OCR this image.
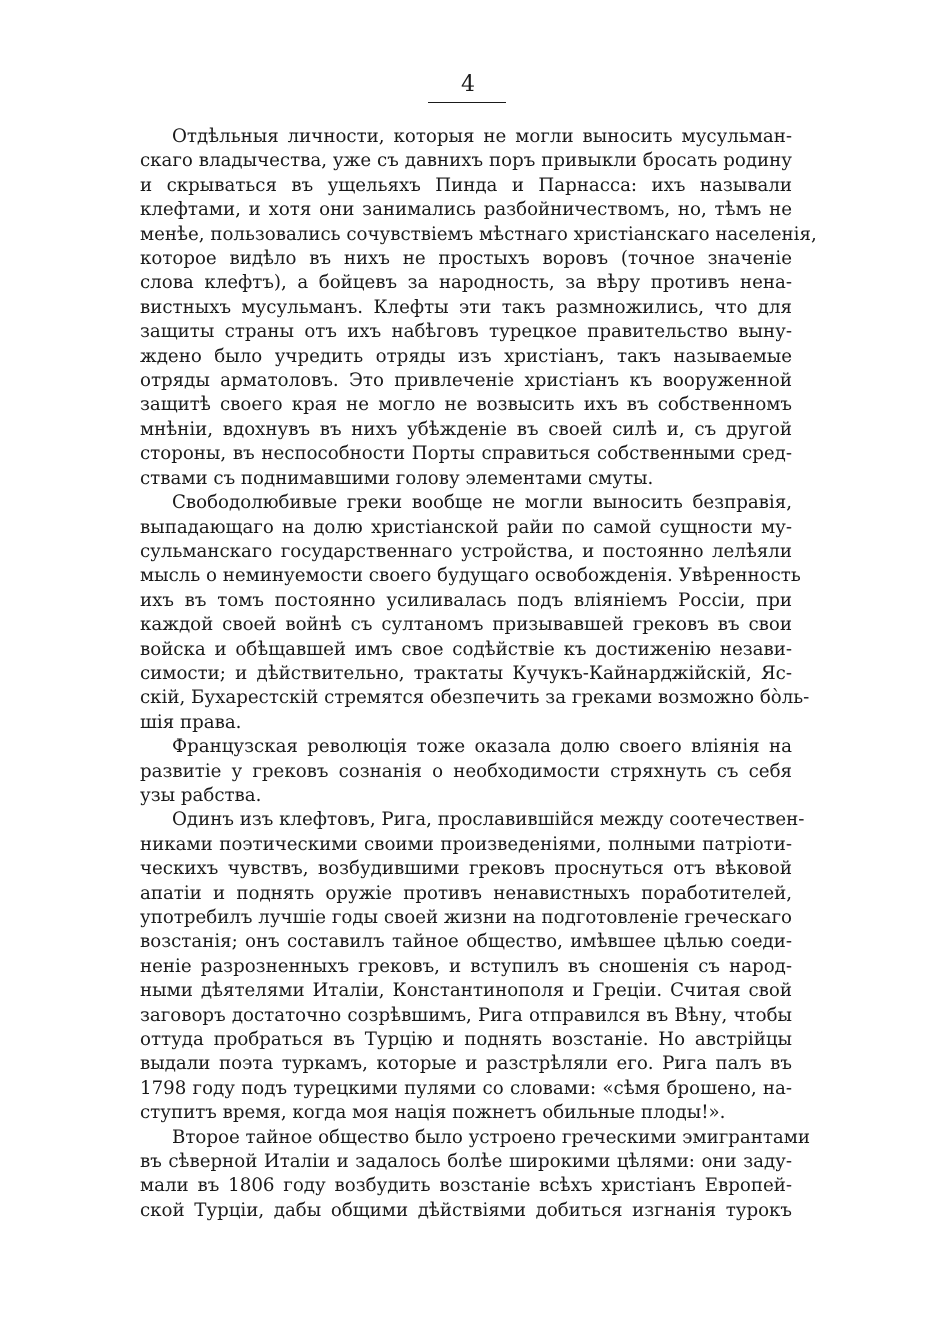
4
Отдѣльныя личности, которыя не могли выносить мусульман-
скаго владычества, уже съ давнихъ поръ привыкли бросать родину
и скрываться въ ущельяхъ Пинда и Парнасса: ихъ называли
клефтами, и хотя они занимались разбойничествомъ, но, тѣмъ не
менѣе, пользовались сочувствіемъ мѣстнаго христіанскаго населенія,
которое видѣло въ нихъ не простыхъ воровъ (точное значеніе
слова клефтъ), а бойцевъ за народность, за вѣру противъ нена-
вистныхъ мусульманъ. Клефты эти такъ размножились, что для
защиты страны отъ ихъ набѣговъ турецкое правительство выну-
ждено было учредить отряды изъ христіанъ, такъ называемые
отряды арматоловъ. Это привлеченіе христіанъ къ вооруженной
защитѣ своего края не могло не возвысить ихъ въ собственномъ
мнѣніи, вдохнувъ въ нихъ убѣжденіе въ своей силѣ и, съ другой
стороны, въ неспособности Порты справиться собственными сред-
ствами съ поднимавшими голову элементами смуты.
Свободолюбивые греки вообще не могли выносить безправія,
выпадающаго на долю христіанской райи по самой сущности му-
сульманскаго государственнаго устройства, и постоянно лелѣяли
мысль о неминуемости своего будущаго освобожденія. Увѣренность
ихъ въ томъ постоянно усиливалась подъ вліяніемъ Россіи, при
каждой своей войнѣ съ султаномъ призывавшей грековъ въ свои
войска и обѣщавшей имъ свое содѣйствіе къ достиженію незави-
симости; и дѣйствительно, трактаты Кучукъ-Кайнарджійскій, Яс-
скій, Бухарестскій стремятся обезпечить за греками возможно бо̀ль-
шія права.
Французская революція тоже оказала долю своего вліянія на
развитіе у грековъ сознанія о необходимости стряхнуть съ себя
узы рабства.
Одинъ изъ клефтовъ, Рига, прославившійся между соотечествен-
никами поэтическими своими произведеніями, полными патріоти-
ческихъ чувствъ, возбудившими грековъ проснуться отъ вѣковой
апатіи и поднять оружіе противъ ненавистныхъ поработителей,
употребилъ лучшіе годы своей жизни на подготовленіе греческаго
возстанія; онъ составилъ тайное общество, имѣвшее цѣлью соеди-
неніе разрозненныхъ грековъ, и вступилъ въ сношенія съ народ-
ными дѣятелями Италіи, Константинополя и Греціи. Считая свой
заговоръ достаточно созрѣвшимъ, Рига отправился въ Вѣну, чтобы
оттуда пробраться въ Турцію и поднять возстаніе. Но австрійцы
выдали поэта туркамъ, которые и разстрѣляли его. Рига палъ въ
1798 году подъ турецкими пулями со словами: «сѣмя брошено, на-
ступитъ время, когда моя нація пожнетъ обильные плоды!».
Второе тайное общество было устроено греческими эмигрантами
въ сѣверной Италіи и задалось болѣе широкими цѣлями: они заду-
мали въ 1806 году возбудить возстаніе всѣхъ христіанъ Европей-
ской Турціи, дабы общими дѣйствіями добиться изгнанія турокъ
